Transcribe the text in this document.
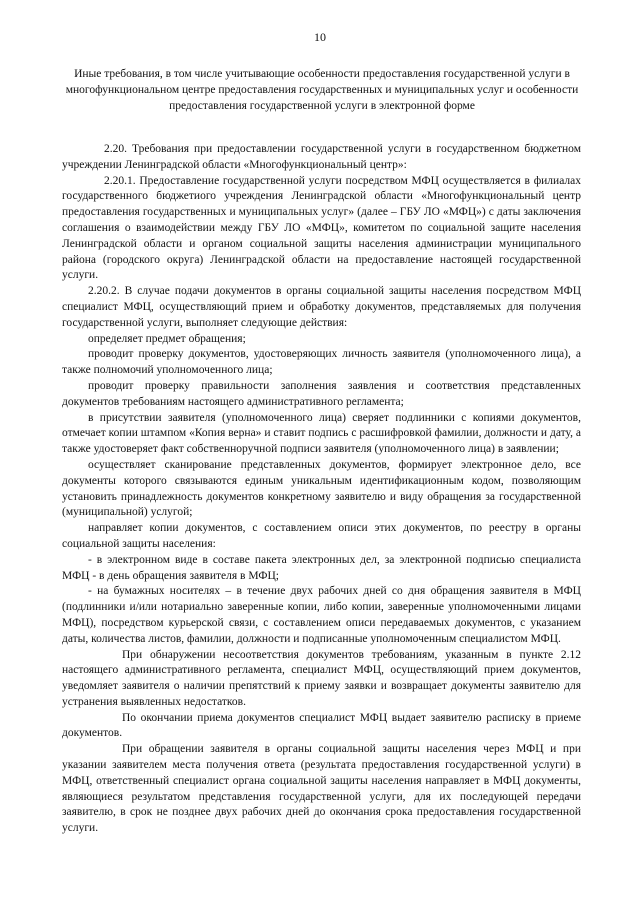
10
Иные требования, в том числе учитывающие особенности предоставления государственной услуги в многофункциональном центре предоставления государственных и муниципальных услуг и особенности предоставления государственной услуги в электронной форме

2.20. Требования при предоставлении государственной услуги в государственном бюджетном учреждении Ленинградской области «Многофункциональный центр»:

2.20.1. Предоставление государственной услуги посредством МФЦ осуществляется в филиалах государственного бюджетиого учреждения Ленинградской области «Многофункциональный центр предоставления государственных и муниципальных услуг» (далее – ГБУ ЛО «МФЦ») с даты заключения соглашения о взаимодействии между ГБУ ЛО «МФЦ», комитетом по социальной защите населения Ленинградской области и органом социальной защиты населения администрации муниципального района (городского округа) Ленинградской области на предоставление настоящей государственной услуги.

2.20.2. В случае подачи документов в органы социальной защиты населения посредством МФЦ специалист МФЦ, осуществляющий прием и обработку документов, представляемых для получения государственной услуги, выполняет следующие действия:

определяет предмет обращения;

проводит проверку документов, удостоверяющих личность заявителя (уполномоченного лица), а также полномочий уполномоченного лица;

проводит проверку правильности заполнения заявления и соответствия представленных документов требованиям настоящего административного регламента;

в присутствии заявителя (уполномоченного лица) сверяет подлинники с копиями документов, отмечает копии штампом «Копия верна» и ставит подпись с расшифровкой фамилии, должности и дату, а также удостоверяет факт собственноручной подписи заявителя (уполномоченного лица) в заявлении;

осуществляет сканирование представленных документов, формирует электронное дело, все документы которого связываются единым уникальным идентификационным кодом, позволяющим установить принадлежность документов конкретному заявителю и виду обращения за государственной (муниципальной) услугой;

направляет копии документов, с составлением описи этих документов, по реестру в органы социальной защиты населения:

- в электронном виде в составе пакета электронных дел, за электронной подписью специалиста МФЦ - в день обращения заявителя в МФЦ;

- на бумажных носителях – в течение двух рабочих дней со дня обращения заявителя в МФЦ (подлинники и/или нотариально заверенные копии, либо копии, заверенные уполномоченными лицами МФЦ), посредством курьерской связи, с составлением описи передаваемых документов, с указанием даты, количества листов, фамилии, должности и подписанные уполномоченным специалистом МФЦ.

При обнаружении несоответствия документов требованиям, указанным в пункте 2.12 настоящего административного регламента, специалист МФЦ, осуществляющий прием документов, уведомляет заявителя о наличии препятствий к приему заявки и возвращает документы заявителю для устранения выявленных недостатков.

По окончании приема документов специалист МФЦ выдает заявителю расписку в приеме документов.

При обращении заявителя в органы социальной защиты населения через МФЦ и при указании заявителем места получения ответа (результата предоставления государственной услуги) в МФЦ, ответственный специалист органа социальной защиты населения направляет в МФЦ документы, являющиеся результатом представления государственной услуги, для их последующей передачи заявителю, в срок не позднее двух рабочих дней до окончания срока предоставления государственной услуги.
